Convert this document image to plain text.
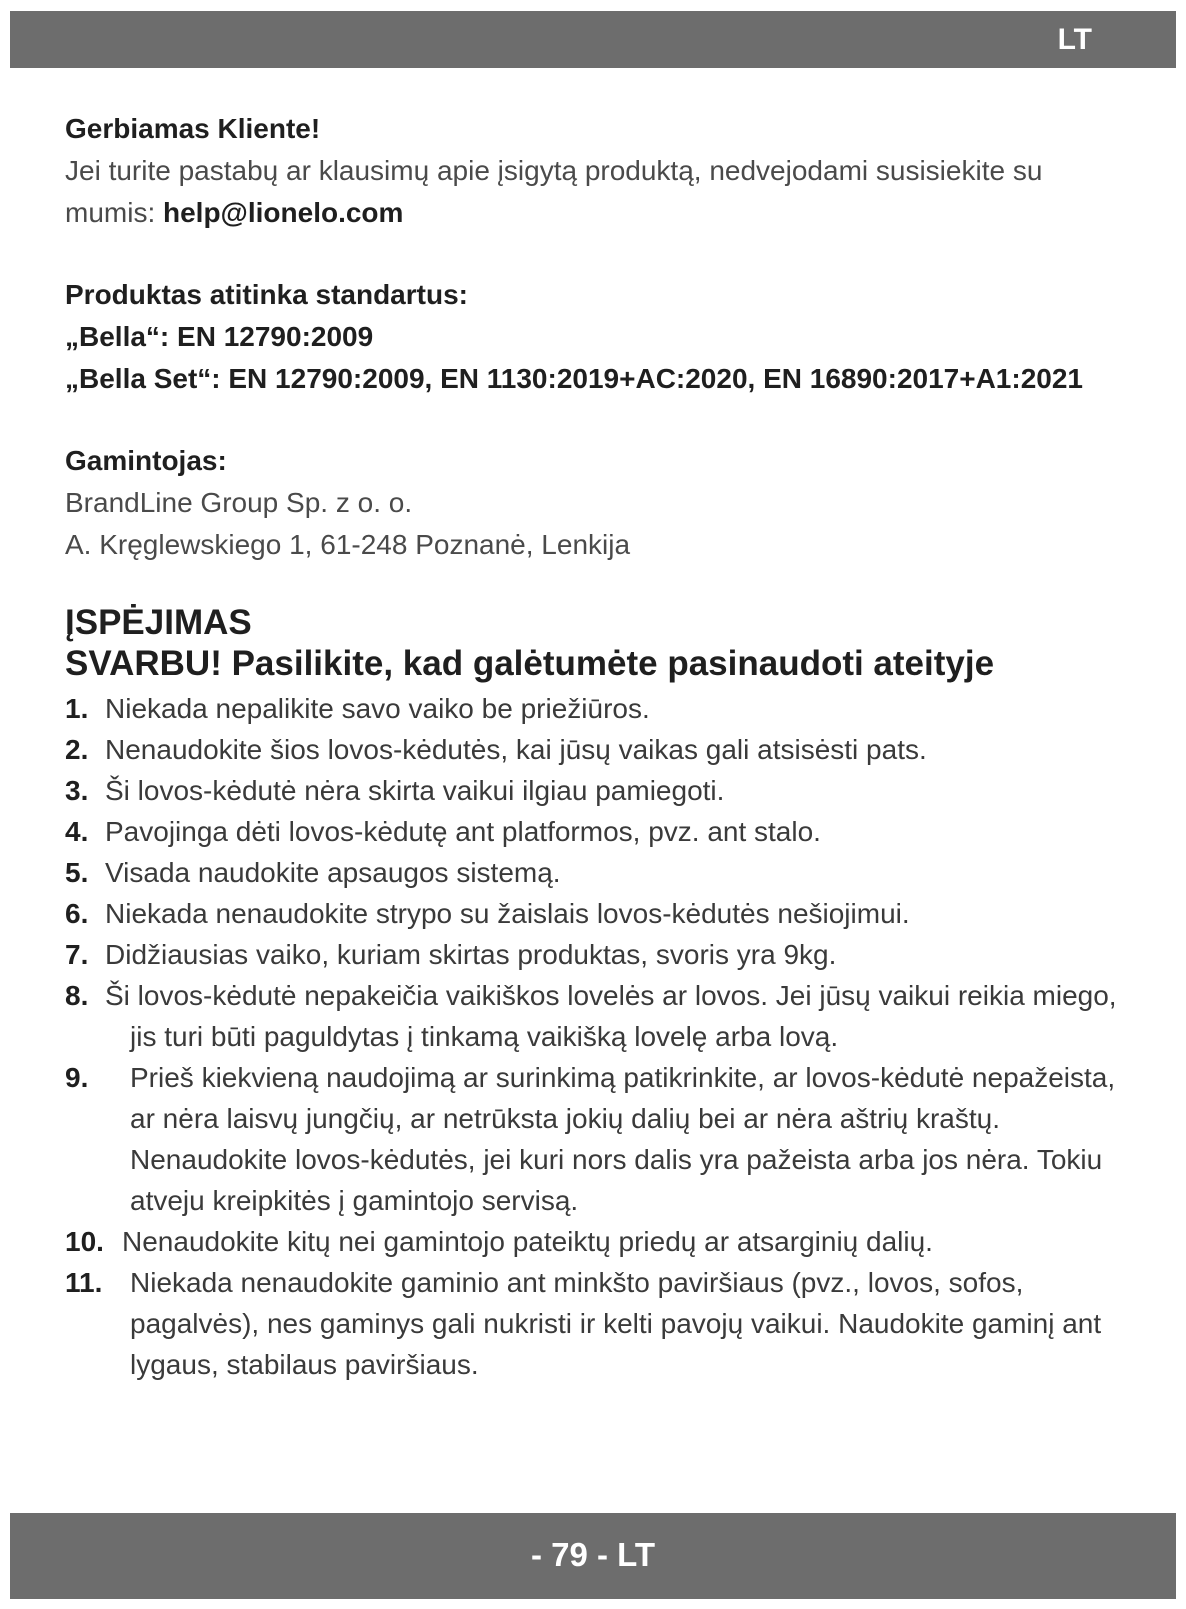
LT
Gerbiamas Kliente!
Jei turite pastabų ar klausimų apie įsigytą produktą, nedvejodami susisiekite su mumis: help@lionelo.com
Produktas atitinka standartus:
„Bella“: EN 12790:2009
„Bella Set“: EN 12790:2009, EN 1130:2019+AC:2020, EN 16890:2017+A1:2021
Gamintojas:
BrandLine Group Sp. z o. o.
A. Kręglewskiego 1, 61-248 Poznanė, Lenkija
ĮSPĖJIMAS
SVARBU! Pasilikite, kad galėtumėte pasinaudoti ateityje
1. Niekada nepalikite savo vaiko be priežiūros.
2. Nenaudokite šios lovos-kėdutės, kai jūsų vaikas gali atsisėsti pats.
3. Ši lovos-kėdutė nėra skirta vaikui ilgiau pamiegoti.
4. Pavojinga dėti lovos-kėdutę ant platformos, pvz. ant stalo.
5. Visada naudokite apsaugos sistemą.
6. Niekada nenaudokite strypo su žaislais lovos-kėdutės nešiojimui.
7. Didžiausias vaiko, kuriam skirtas produktas, svoris yra 9kg.
8. Ši lovos-kėdutė nepakeičia vaikiškos lovelės ar lovos. Jei jūsų vaikui reikia miego, jis turi būti paguldytas į tinkamą vaikišką lovelę arba lovą.
9.	Prieš kiekvieną naudojimą ar surinkimą patikrinkite, ar lovos-kėdutė nepažeista, ar nėra laisvų jungčių, ar netrūksta jokių dalių bei ar nėra aštrių kraštų. Nenaudokite lovos-kėdutės, jei kuri nors dalis yra pažeista arba jos nėra. Tokiu atveju kreipkitės į gamintojo servisą.
10. Nenaudokite kitų nei gamintojo pateiktų priedų ar atsarginių dalių.
11. Niekada nenaudokite gaminio ant minkšto paviršiaus (pvz., lovos, sofos, pagalvės), nes gaminys gali nukristi ir kelti pavojų vaikui. Naudokite gaminį ant lygaus, stabilaus paviršiaus.
- 79 - LT
